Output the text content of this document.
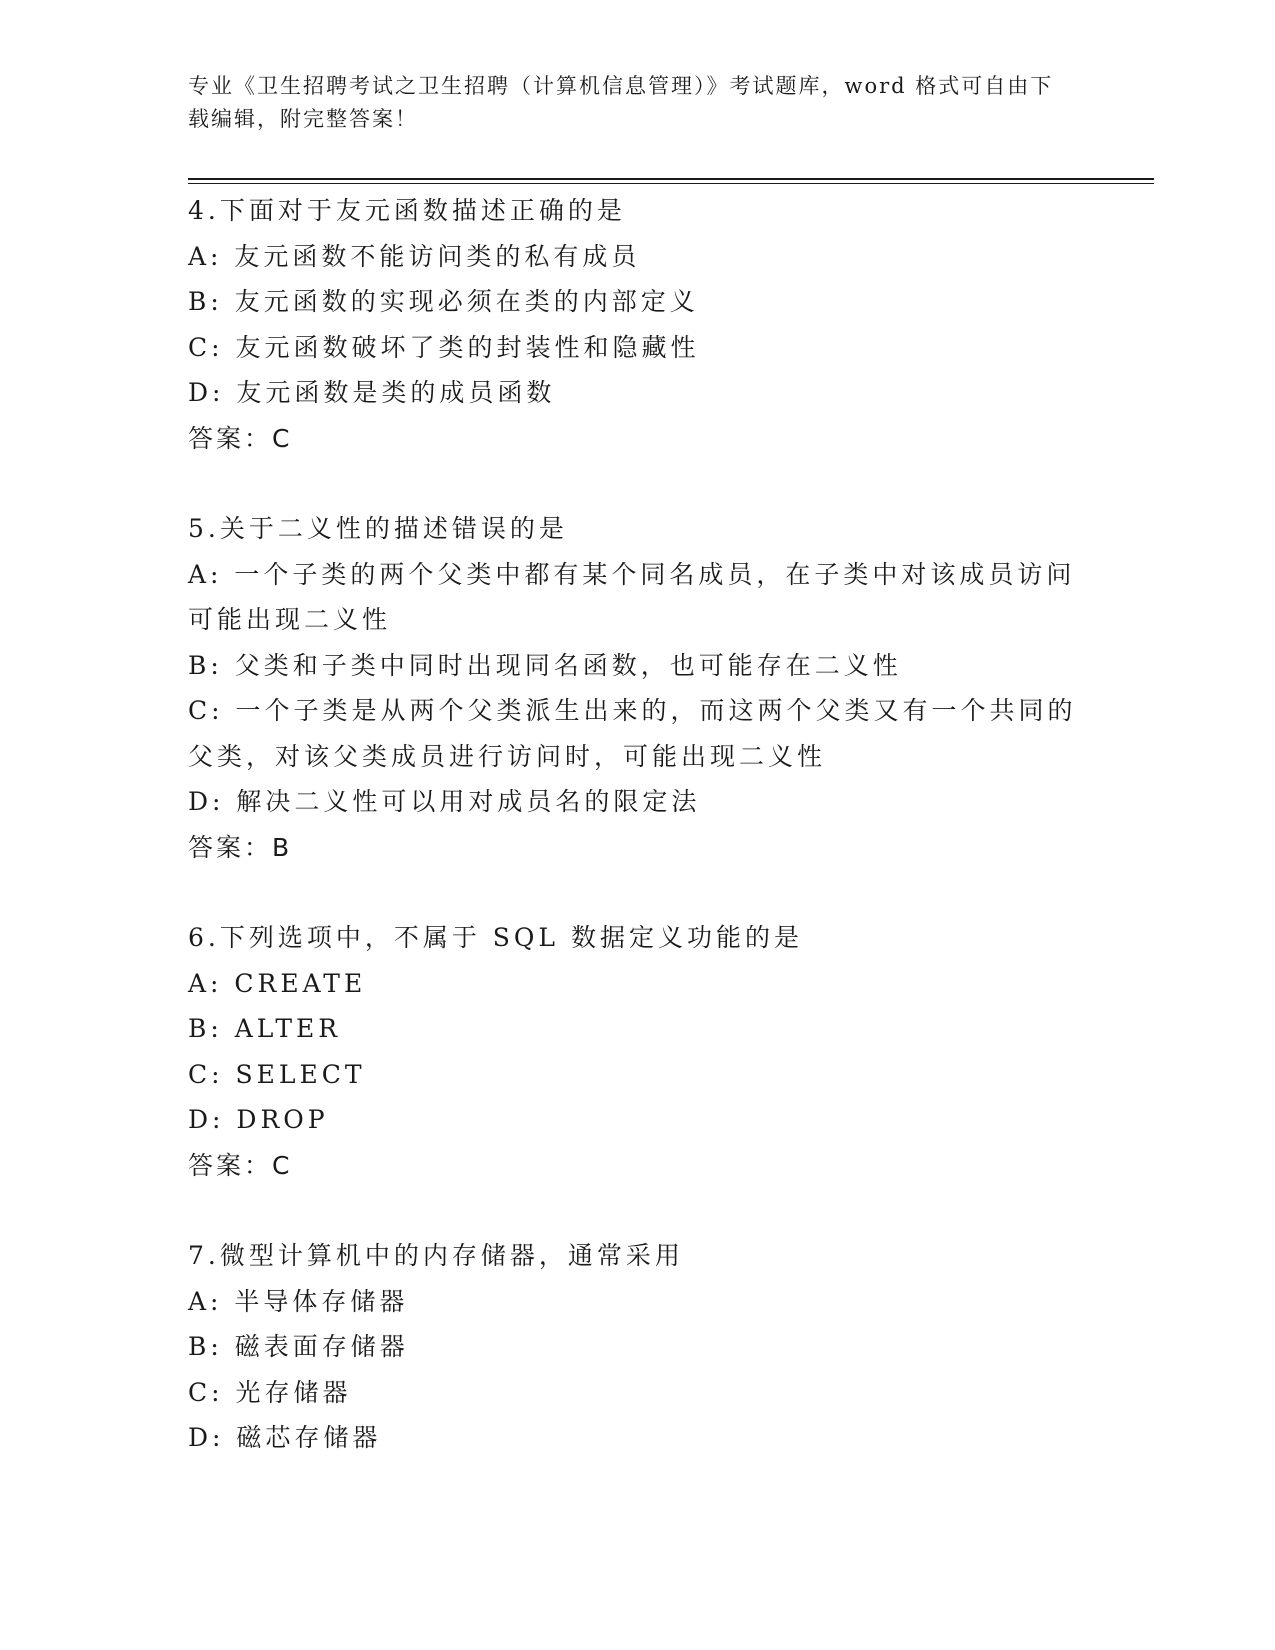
专业《卫生招聘考试之卫生招聘（计算机信息管理）》考试题库，word 格式可自由下载编辑，附完整答案！
4.下面对于友元函数描述正确的是
A: 友元函数不能访问类的私有成员
B: 友元函数的实现必须在类的内部定义
C: 友元函数破坏了类的封装性和隐藏性
D: 友元函数是类的成员函数
答案：C
5.关于二义性的描述错误的是
A: 一个子类的两个父类中都有某个同名成员，在子类中对该成员访问可能出现二义性
B: 父类和子类中同时出现同名函数，也可能存在二义性
C: 一个子类是从两个父类派生出来的，而这两个父类又有一个共同的父类，对该父类成员进行访问时，可能出现二义性
D: 解决二义性可以用对成员名的限定法
答案：B
6.下列选项中，不属于 SQL 数据定义功能的是
A: CREATE
B: ALTER
C: SELECT
D: DROP
答案：C
7.微型计算机中的内存储器，通常采用
A: 半导体存储器
B: 磁表面存储器
C: 光存储器
D: 磁芯存储器
